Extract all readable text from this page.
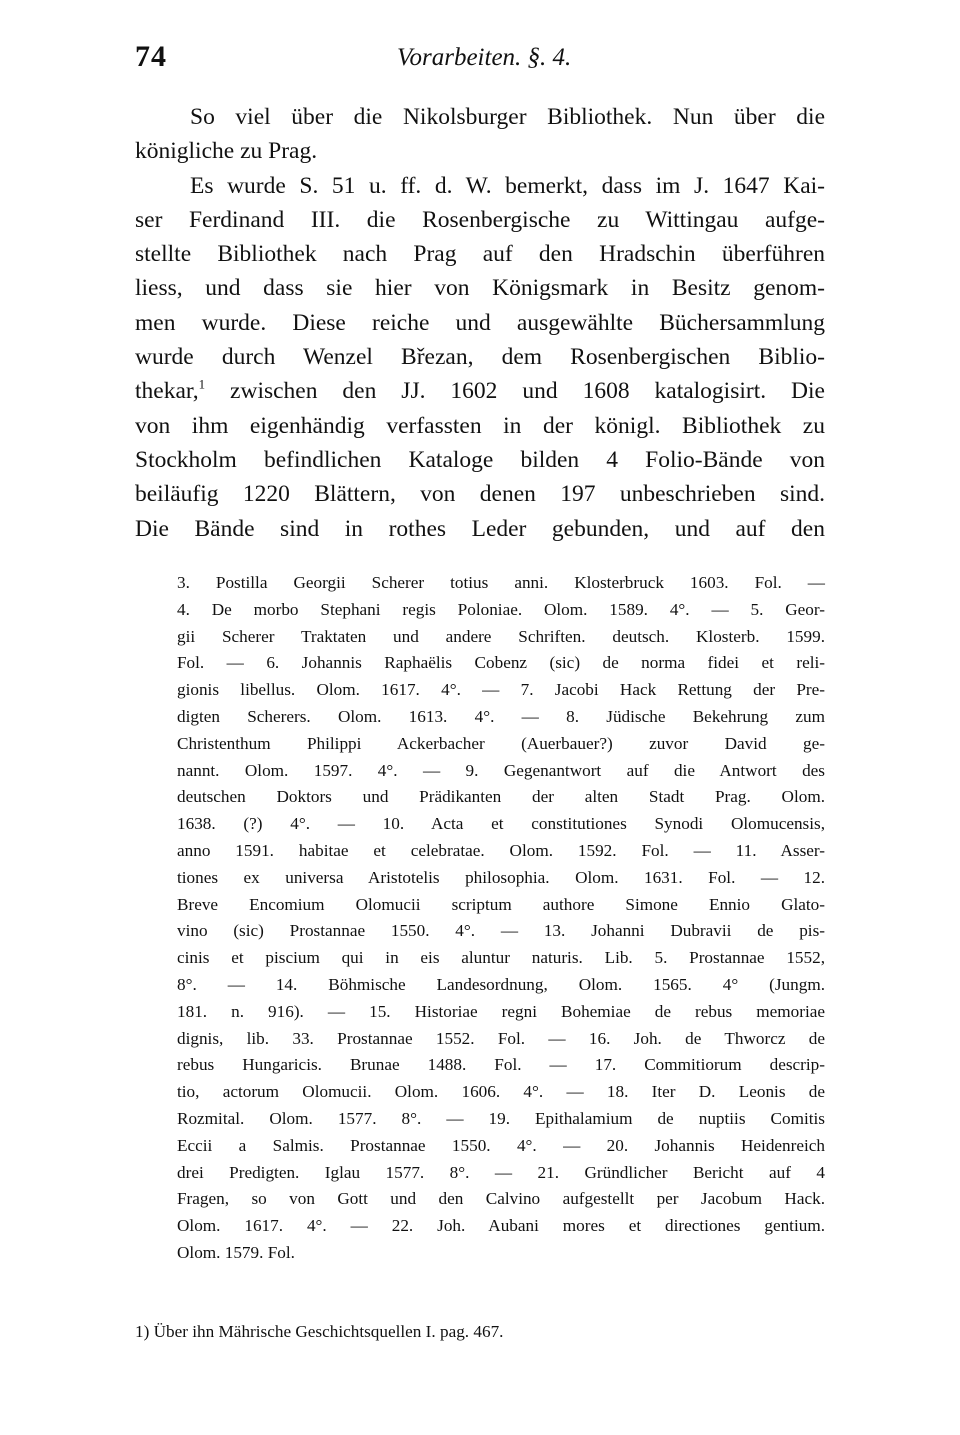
74	Vorarbeiten. §. 4.
So viel über die Nikolsburger Bibliothek. Nun über die
königliche zu Prag.
Es wurde S. 51 u. ff. d. W. bemerkt, dass im J. 1647 Kai-
ser Ferdinand III. die Rosenbergische zu Wittingau aufge-
stellte Bibliothek nach Prag auf den Hradschin überführen
liess, und dass sie hier von Königsmark in Besitz genom-
men wurde. Diese reiche und ausgewählte Büchersammlung
wurde durch Wenzel Březan, dem Rosenbergischen Biblio-
thekar,$^1$ zwischen den JJ. 1602 und 1608 katalogisirt. Die
von ihm eigenhändig verfassten in der königl. Bibliothek zu
Stockholm befindlichen Kataloge bilden 4 Folio-Bände von
beiläufig 1220 Blättern, von denen 197 unbeschrieben sind.
Die Bände sind in rothes Leder gebunden, und auf den
3. Postilla Georgii Scherer totius anni. Klosterbruck 1603. Fol. —
4. De morbo Stephani regis Poloniae. Olom. 1589. 4°. — 5. Geor-
gii Scherer Traktaten und andere Schriften. deutsch. Klosterb. 1599.
Fol. — 6. Johannis Raphaëlis Cobenz (sic) de norma fidei et reli-
gionis libellus. Olom. 1617. 4°. — 7. Jacobi Hack Rettung der Pre-
digten Scherers. Olom. 1613. 4°. — 8. Jüdische Bekehrung zum
Christenthum Philippi Ackerbacher (Auerbauer?) zuvor David ge-
nannt. Olom. 1597. 4°. — 9. Gegenantwort auf die Antwort des
deutschen Doktors und Prädikanten der alten Stadt Prag. Olom.
1638. (?) 4°. — 10. Acta et constitutiones Synodi Olomucensis,
anno 1591. habitae et celebratae. Olom. 1592. Fol. — 11. Asser-
tiones ex universa Aristotelis philosophia. Olom. 1631. Fol. — 12.
Breve Encomium Olomucii scriptum authore Simone Ennio Glato-
vino (sic) Prostannae 1550. 4°. — 13. Johanni Dubravii de pis-
cinis et piscium qui in eis aluntur naturis. Lib. 5. Prostannae 1552,
8°. — 14. Böhmische Landesordnung, Olom. 1565. 4° (Jungm.
181. n. 916). — 15. Historiae regni Bohemiae de rebus memoriae
dignis, lib. 33. Prostannae 1552. Fol. — 16. Joh. de Thworcz de
rebus Hungaricis. Brunae 1488. Fol. — 17. Commitiorum descrip-
tio, actorum Olomucii. Olom. 1606. 4°. — 18. Iter D. Leonis de
Rozmital. Olom. 1577. 8°. — 19. Epithalamium de nuptiis Comitis
Eccii a Salmis. Prostannae 1550. 4°. — 20. Johannis Heidenreich
drei Predigten. Iglau 1577. 8°. — 21. Gründlicher Bericht auf 4
Fragen, so von Gott und den Calvino aufgestellt per Jacobum Hack.
Olom. 1617. 4°. — 22. Joh. Aubani mores et directiones gentium.
Olom. 1579. Fol.
1) Über ihn Mährische Geschichtsquellen I. pag. 467.
